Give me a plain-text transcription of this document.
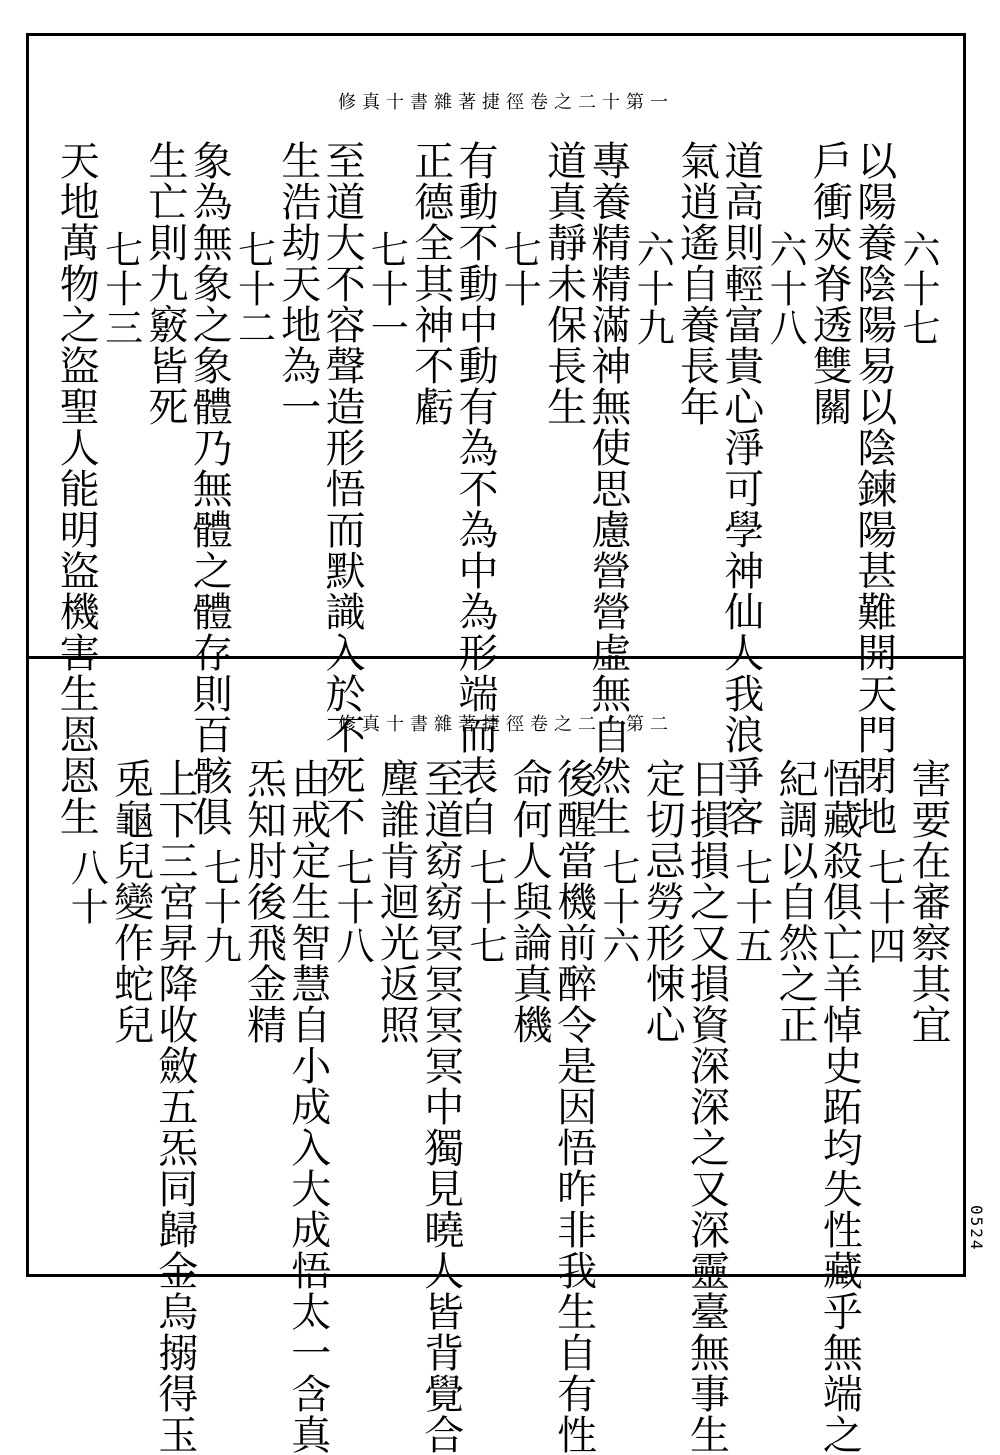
修真十書雜著捷徑卷之二十第一
修真十書雜著捷徑卷之二十第二
六十七
以陽養陰陽易以陰鍊陽甚難開天門閉地
戶衝夾脊透雙關
六十八
道高則輕富貴心淨可學神仙人我浪爭客
氣逍遙自養長年
六十九
專養精精滿神無使思慮營營虛無自然生
道真靜未保長生
七十
有動不動中動有為不為中為形端而表自
正德全其神不虧
七十一
至道大不容聲造形悟而默識入於不死不
生浩劫天地為一
七十二
象為無象之象體乃無體之體存則百骸俱
生亡則九竅皆死
七十三
天地萬物之盜聖人能明盜機害生恩恩生
害要在審察其宜
七十四
悟藏殺俱亡羊悼史跖均失性藏乎無端之
紀調以自然之正
七十五
日損損之又損資深深之又深靈臺無事生
定切忌勞形悚心
七十六
後醒當機前醉令是因悟昨非我生自有性
命何人與論真機
七十七
至道窈窈冥冥冥冥中獨見曉人皆背覺合
塵誰肯迴光返照
七十八
由戒定生智慧自小成入大成悟太一含真
炁知肘後飛金精
七十九
上下三宮昇降收斂五炁同歸金烏搦得玉
兎龜兒變作蛇兒
八十
0524
